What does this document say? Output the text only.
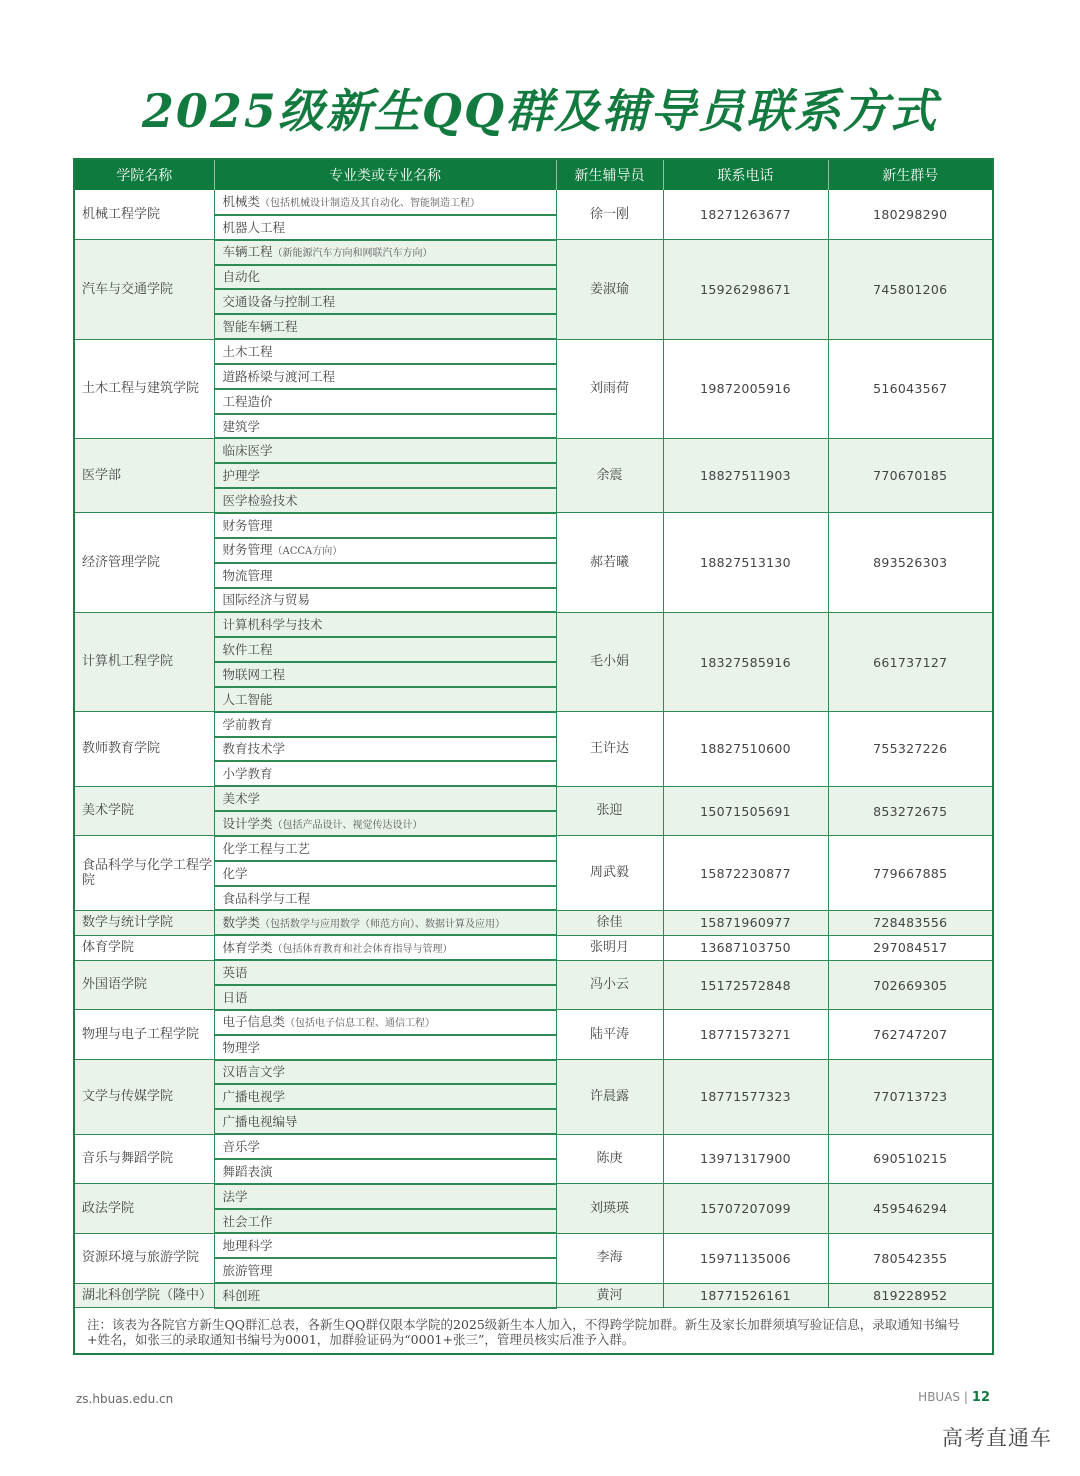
2025级新生QQ群及辅导员联系方式
学院名称	专业类或专业名称	新生辅导员	联系电话	新生群号
机械工程学院	机械类（包括机械设计制造及其自动化、智能制造工程）	徐一刚	18271263677	180298290
	机器人工程			
汽车与交通学院	车辆工程（新能源汽车方向和网联汽车方向）	姜淑瑜	15926298671	745801206
	自动化			
	交通设备与控制工程			
	智能车辆工程			
土木工程与建筑学院	土木工程	刘雨荷	19872005916	516043567
	道路桥梁与渡河工程			
	工程造价			
	建筑学			
医学部	临床医学	余震	18827511903	770670185
	护理学			
	医学检验技术			
经济管理学院	财务管理	郝若曦	18827513130	893526303
	财务管理（ACCA方向）			
	物流管理			
	国际经济与贸易			
计算机工程学院	计算机科学与技术	毛小娟	18327585916	661737127
	软件工程			
	物联网工程			
	人工智能			
教师教育学院	学前教育	王许达	18827510600	755327226
	教育技术学			
	小学教育			
美术学院	美术学	张迎	15071505691	853272675
	设计学类（包括产品设计、视觉传达设计）			
食品科学与化学工程学院	化学工程与工艺	周武毅	15872230877	779667885
	化学			
	食品科学与工程			
数学与统计学院	数学类（包括数学与应用数学（师范方向）、数据计算及应用）	徐佳	15871960977	728483556
体育学院	体育学类（包括体育教育和社会体育指导与管理）	张明月	13687103750	297084517
外国语学院	英语	冯小云	15172572848	702669305
	日语			
物理与电子工程学院	电子信息类（包括电子信息工程、通信工程）	陆平涛	18771573271	762747207
	物理学			
文学与传媒学院	汉语言文学	许晨露	18771577323	770713723
	广播电视学			
	广播电视编导			
音乐与舞蹈学院	音乐学	陈庚	13971317900	690510215
	舞蹈表演			
政法学院	法学	刘瑛瑛	15707207099	459546294
	社会工作			
资源环境与旅游学院	地理科学	李海	15971135006	780542355
	旅游管理			
湖北科创学院（隆中）	科创班	黄河	18771526161	819228952
注：该表为各院官方新生QQ群汇总表，各新生QQ群仅限本学院的2025级新生本人加入，不得跨学院加群。新生及家长加群须填写验证信息，录取通知书编号+姓名，如张三的录取通知书编号为0001，加群验证码为“0001+张三”，管理员核实后准予入群。				
zs.hbuas.edu.cn	HBUAS | 12
高考直通车
